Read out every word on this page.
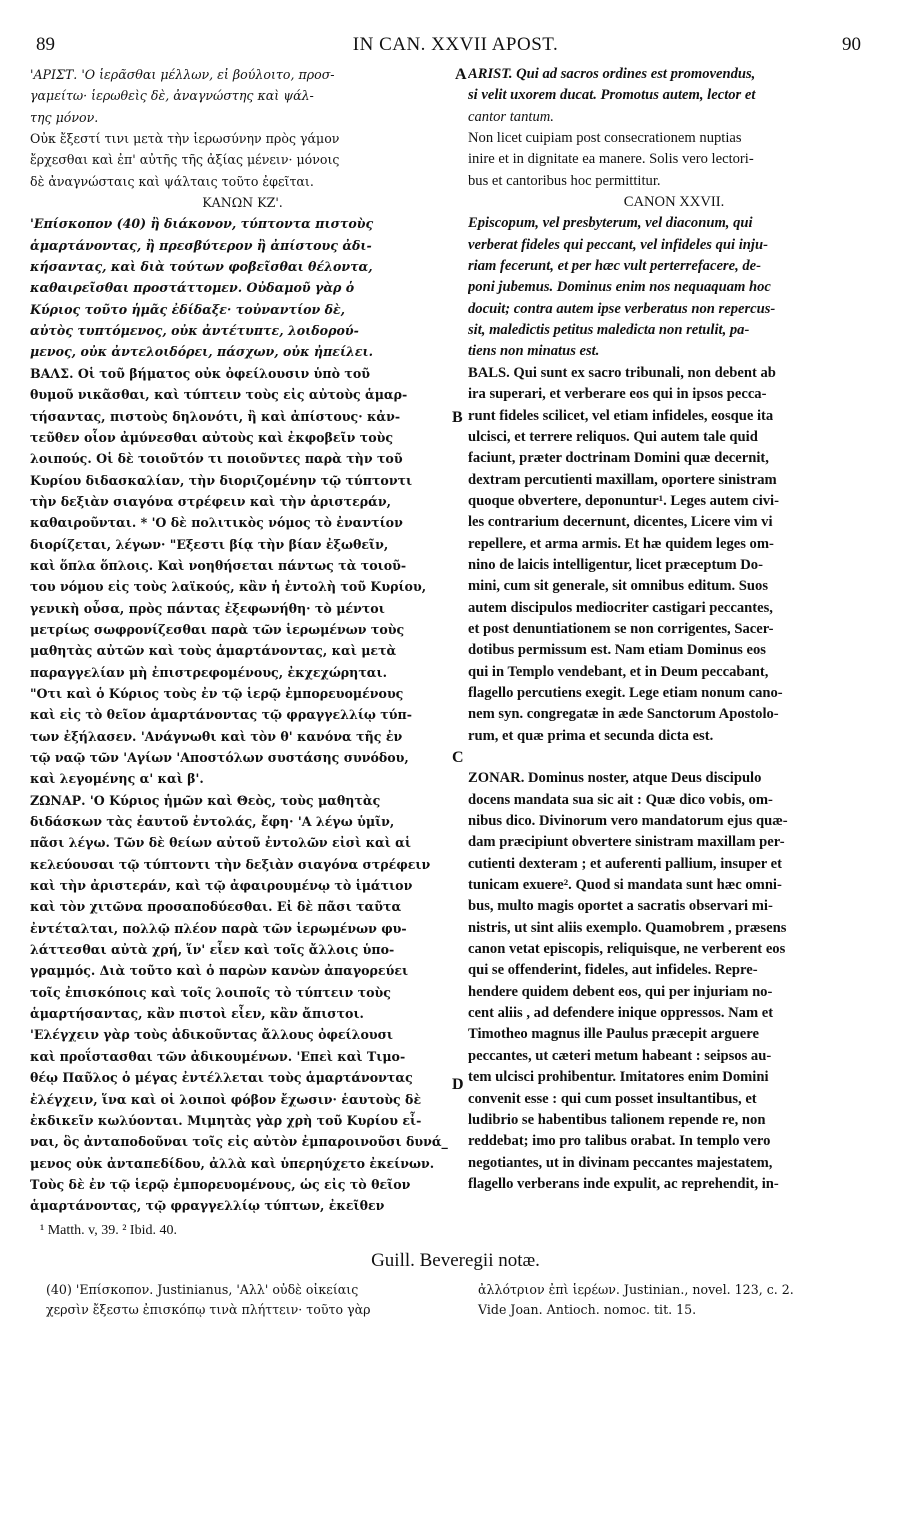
89	IN CAN. XXVII APOST.	90
'ΑΡΙΣΤ. 'Ο ἱερᾶσθαι μέλλων, εἰ βούλοιτο, προσ-
γαμείτω· ἱερωθεὶς δὲ, ἀναγνώστης καὶ ψάλ-
της μόνον.
Οὐκ ἔξεστί τινι μετὰ τὴν ἱερωσύνην πρὸς γάμον
ἔρχεσθαι καὶ ἐπ' αὐτῆς τῆς ἀξίας μένειν· μόνοις
δὲ ἀναγνώσταις καὶ ψάλταις τοῦτο ἐφεῖται.
ΚΑΝΩΝ ΚΖ'.
'Επίσκοπον (40) ἢ διάκονον, τύπτοντα πιστοὺς
ἁμαρτάνοντας, ἢ πρεσβύτερον ἢ ἀπίστους ἀδι-
κήσαντας, καὶ διὰ τούτων φοβεῖσθαι θέλοντα,
καθαιρεῖσθαι προστάττομεν. Οὐδαμοῦ γὰρ ὁ
Κύριος τοῦτο ἡμᾶς ἐδίδαξε· τοὐναντίον δὲ,
αὐτὸς τυπτόμενος, οὐκ ἀντέτυπτε, λοιδορού-
μενος, οὐκ ἀντελοιδόρει, πάσχων, οὐκ ἠπείλει.
ΒΑΛΣ. Οἱ τοῦ βήματος οὐκ ὀφείλουσιν ὑπὸ τοῦ
θυμοῦ νικᾶσθαι, καὶ τύπτειν τοὺς εἰς αὐτοὺς ἁμαρ-
τήσαντας, πιστοὺς δηλονότι, ἢ καὶ ἀπίστους· κἀν-
τεῦθεν οἷον ἀμύνεσθαι αὐτοὺς καὶ ἐκφοβεῖν τοὺς
λοιπούς. Οἱ δὲ τοιοῦτόν τι ποιοῦντες παρὰ τὴν τοῦ
Κυρίου διδασκαλίαν, τὴν διοριζομένην τῷ τύπτοντι
τὴν δεξιὰν σιαγόνα στρέφειν καὶ τὴν ἀριστεράν,
καθαιροῦνται. * 'Ο δὲ πολιτικὸς νόμος τὸ ἐναντίον
διορίζεται, λέγων· "Εξεστι βίᾳ τὴν βίαν ἐξωθεῖν,
καὶ ὅπλα ὅπλοις. Καὶ νοηθήσεται πάντως τὰ τοιοῦ-
του νόμου εἰς τοὺς λαϊκούς, κἂν ἡ ἐντολὴ τοῦ Κυρίου,
γενικὴ οὖσα, πρὸς πάντας ἐξεφωνήθη· τὸ μέντοι
μετρίως σωφρονίζεσθαι παρὰ τῶν ἱερωμένων τοὺς
μαθητὰς αὐτῶν καὶ τοὺς ἁμαρτάνοντας, καὶ μετὰ
παραγγελίαν μὴ ἐπιστρεφομένους, ἐκχεχώρηται.
"Οτι καὶ ὁ Κύριος τοὺς ἐν τῷ ἱερῷ ἐμπορευομένους
καὶ εἰς τὸ θεῖον ἁμαρτάνοντας τῷ φραγγελλίῳ τύπ-
των ἐξήλασεν. 'Ανάγνωθι καὶ τὸν θ' κανόνα τῆς ἐν
τῷ ναῷ τῶν 'Αγίων 'Αποστόλων συστάσης συνόδου,
καὶ λεγομένης α' καὶ β'.
ΖΩΝΑΡ. 'Ο Κύριος ἡμῶν καὶ Θεὸς, τοὺς μαθητὰς
διδάσκων τὰς ἑαυτοῦ ἐντολάς, ἔφη· 'Α λέγω ὑμῖν,
πᾶσι λέγω. Τῶν δὲ θείων αὐτοῦ ἐντολῶν εἰσὶ καὶ αἱ
κελεύουσαι τῷ τύπτοντι τὴν δεξιὰν σιαγόνα στρέφειν
καὶ τὴν ἀριστεράν, καὶ τῷ ἀφαιρουμένῳ τὸ ἱμάτιον
καὶ τὸν χιτῶνα προσαποδύεσθαι. Εἰ δὲ πᾶσι ταῦτα
ἐντέταλται, πολλῷ πλέον παρὰ τῶν ἱερωμένων φυ-
λάττεσθαι αὐτὰ χρή, ἵν' εἶεν καὶ τοῖς ἄλλοις ὑπο-
γραμμός. Διὰ τοῦτο καὶ ὁ παρὼν κανὼν ἀπαγορεύει
τοῖς ἐπισκόποις καὶ τοῖς λοιποῖς τὸ τύπτειν τοὺς
ἁμαρτήσαντας, κἂν πιστοὶ εἶεν, κἂν ἄπιστοι.
'Ελέγχειν γὰρ τοὺς ἀδικοῦντας ἄλλους ὀφείλουσι
καὶ προΐστασθαι τῶν ἀδικουμένων. 'Επεὶ καὶ Τιμο-
θέῳ Παῦλος ὁ μέγας ἐντέλλεται τοὺς ἁμαρτάνοντας
ἐλέγχειν, ἵνα καὶ οἱ λοιποὶ φόβον ἔχωσιν· ἑαυτοὺς δὲ
ἐκδικεῖν κωλύονται. Μιμητὰς γὰρ χρὴ τοῦ Κυρίου εἶ-
ναι, ὃς ἀνταποδοῦναι τοῖς εἰς αὐτὸν ἐμπαροινοῦσι δυνά_
μενος οὐκ ἀνταπεδίδου, ἀλλὰ καὶ ὑπερηύχετο ἐκείνων.
Τοὺς δὲ ἐν τῷ ἱερῷ ἐμπορευομένους, ὡς εἰς τὸ θεῖον
ἁμαρτάνοντας, τῷ φραγγελλίῳ τύπτων, ἐκεῖθεν
ARIST. Qui ad sacros ordines est promovendus,
si velit uxorem ducat. Promotus autem, lector et
cantor tantum.
Non licet cuipiam post consecrationem nuptias
inire et in dignitate ea manere. Solis vero lectori-
bus et cantoribus hoc permittitur.
CANON XXVII.
Episcopum, vel presbyterum, vel diaconum, qui
verberat fideles qui peccant, vel infideles qui inju-
riam fecerunt, et per hæc vult perterrefacere, de-
poni jubemus. Dominus enim nos nequaquam hoc
docuit; contra autem ipse verberatus non repercus-
sit, maledictis petitus maledicta non retulit, pa-
tiens non minatus est.
BALS. Qui sunt ex sacro tribunali, non debent ab
ira superari, et verberare eos qui in ipsos pecca-
runt fideles scilicet, vel etiam infideles, eosque ita
ulcisci, et terrere reliquos. Qui autem tale quid
faciunt, præter doctrinam Domini quæ decernit,
dextram percutienti maxillam, oportere sinistram
quoque obvertere, deponuntur¹. Leges autem civi-
les contrarium decernunt, dicentes, Licere vim vi
repellere, et arma armis. Et hæ quidem leges om-
nino de laicis intelligentur, licet præceptum Do-
mini, cum sit generale, sit omnibus editum. Suos
autem discipulos mediocriter castigari peccantes,
et post denuntiationem se non corrigentes, Sacer-
dotibus permissum est. Nam etiam Dominus eos
qui in Templo vendebant, et in Deum peccabant,
flagello percutiens exegit. Lege etiam nonum cano-
nem syn. congregatæ in æde Sanctorum Apostolo-
rum, et quæ prima et secunda dicta est.
ZONAR. Dominus noster, atque Deus discipulo
docens mandata sua sic ait : Quæ dico vobis, om-
nibus dico. Divinorum vero mandatorum ejus quæ-
dam præcipiunt obvertere sinistram maxillam per-
cutienti dexteram ; et auferenti pallium, insuper et
tunicam exuere². Quod si mandata sunt hæc omni-
bus, multo magis oportet a sacratis observari mi-
nistris, ut sint aliis exemplo. Quamobrem , præsens
canon vetat episcopis, reliquisque, ne verberent eos
qui se offenderint, fideles, aut infideles. Repre-
hendere quidem debent eos, qui per injuriam no-
cent aliis , ad defendere inique oppressos. Nam et
Timotheo magnus ille Paulus præcepit arguere
peccantes, ut cæteri metum habeant : seipsos au-
tem ulcisci prohibentur. Imitatores enim Domini
convenit esse : qui cum posset insultantibus, et
ludibrio se habentibus talionem repende re, non
reddebat; imo pro talibus orabat. In templo vero
negotiantes, ut in divinam peccantes majestatem,
flagello verberans inde expulit, ac reprehendit, in-
A
B
C
D
¹ Matth. v, 39. ² Ibid. 40.
Guill. Beveregii notæ.
(40) 'Επίσκοπον. Justinianus, 'Αλλ' οὐδὲ οἰκείαις
χερσὶν ἔξεστω ἐπισκόπῳ τινὰ πλήττειν· τοῦτο γὰρ
ἀλλότριον ἐπὶ ἱερέων. Justinian., novel. 123, c. 2.
Vide Joan. Antioch. nomoc. tit. 15.
